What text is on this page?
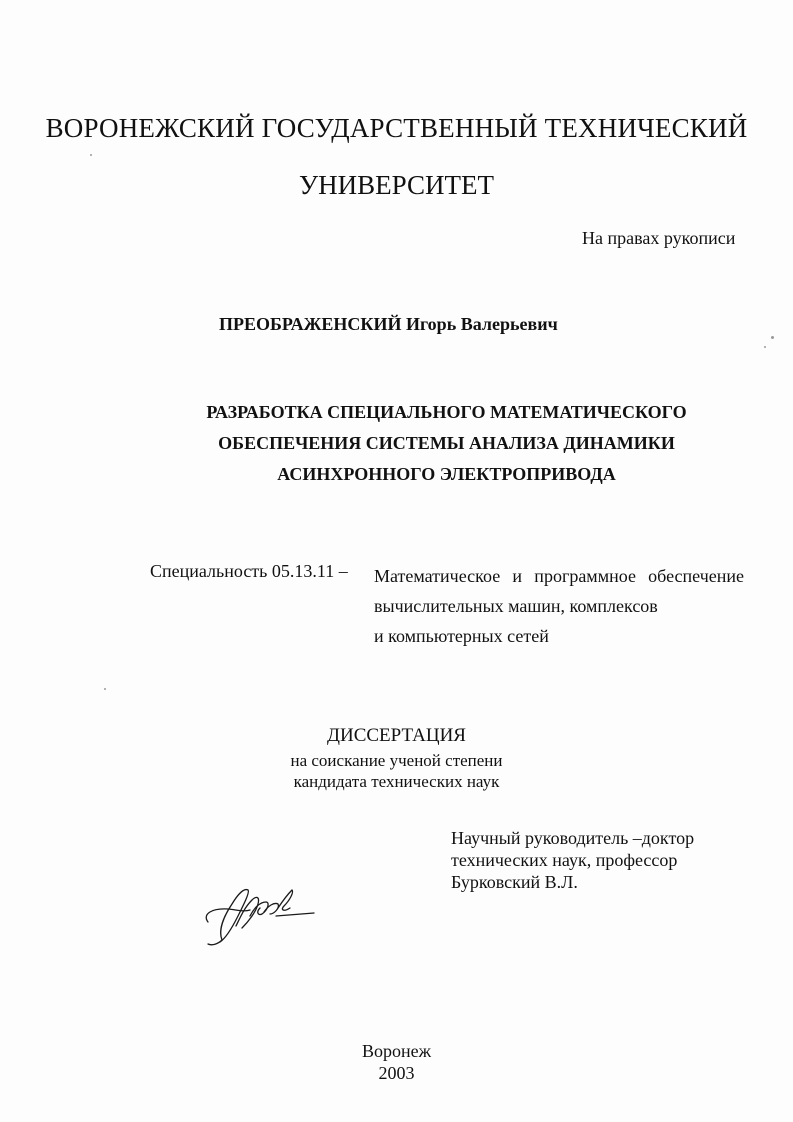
ВОРОНЕЖСКИЙ ГОСУДАРСТВЕННЫЙ ТЕХНИЧЕСКИЙ
УНИВЕРСИТЕТ
На правах рукописи
ПРЕОБРАЖЕНСКИЙ Игорь Валерьевич
РАЗРАБОТКА СПЕЦИАЛЬНОГО МАТЕМАТИЧЕСКОГО
ОБЕСПЕЧЕНИЯ СИСТЕМЫ АНАЛИЗА ДИНАМИКИ
АСИНХРОННОГО ЭЛЕКТРОПРИВОДА
Специальность 05.13.11 – Математическое и программное обеспечение
вычислительных машин, комплексов
и компьютерных сетей
ДИССЕРТАЦИЯ
на соискание ученой степени
кандидата технических наук
Научный руководитель –доктор
технических наук, профессор
Бурковский В.Л.
Воронеж
2003
